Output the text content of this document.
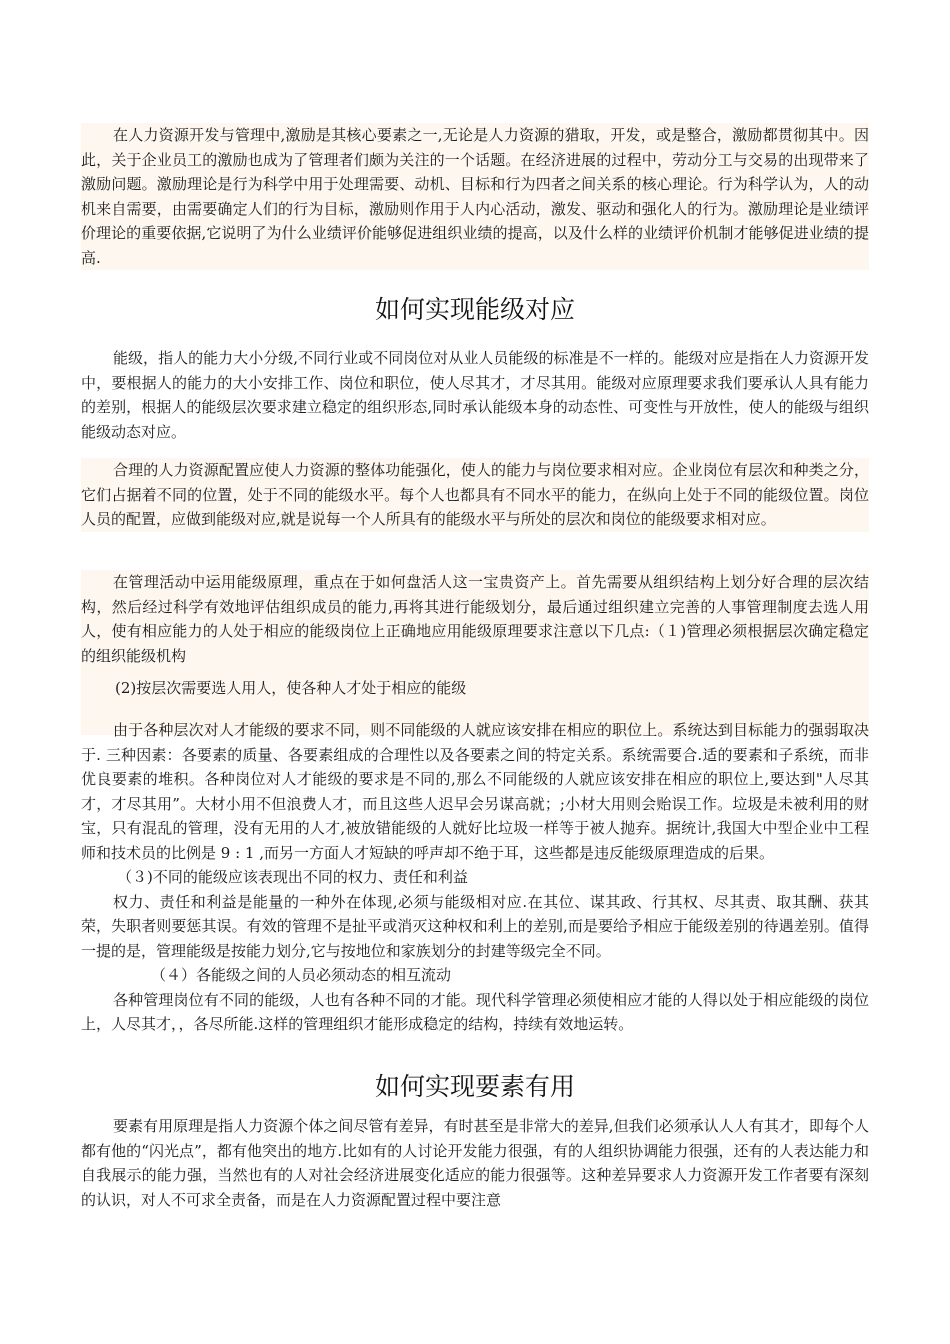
在人力资源开发与管理中,激励是其核心要素之一,无论是人力资源的猎取，开发，或是整合，激励都贯彻其中。因此，关于企业员工的激励也成为了管理者们颇为关注的一个话题。在经济进展的过程中，劳动分工与交易的出现带来了激励问题。激励理论是行为科学中用于处理需要、动机、目标和行为四者之间关系的核心理论。行为科学认为，人的动机来自需要，由需要确定人们的行为目标，激励则作用于人内心活动，激发、驱动和强化人的行为。激励理论是业绩评价理论的重要依据,它说明了为什么业绩评价能够促进组织业绩的提高，以及什么样的业绩评价机制才能够促进业绩的提高.

如何实现能级对应

能级，指人的能力大小分级,不同行业或不同岗位对从业人员能级的标准是不一样的。能级对应是指在人力资源开发中，要根据人的能力的大小安排工作、岗位和职位，使人尽其才，才尽其用。能级对应原理要求我们要承认人具有能力的差别，根据人的能级层次要求建立稳定的组织形态,同时承认能级本身的动态性、可变性与开放性，使人的能级与组织能级动态对应。

合理的人力资源配置应使人力资源的整体功能强化，使人的能力与岗位要求相对应。企业岗位有层次和种类之分，它们占据着不同的位置，处于不同的能级水平。每个人也都具有不同水平的能力，在纵向上处于不同的能级位置。岗位人员的配置，应做到能级对应,就是说每一个人所具有的能级水平与所处的层次和岗位的能级要求相对应。

在管理活动中运用能级原理，重点在于如何盘活人这一宝贵资产上。首先需要从组织结构上划分好合理的层次结构，然后经过科学有效地评估组织成员的能力,再将其进行能级划分，最后通过组织建立完善的人事管理制度去选人用人，使有相应能力的人处于相应的能级岗位上正确地应用能级原理要求注意以下几点:（１)管理必须根据层次确定稳定的组织能级机构

(2)按层次需要选人用人，使各种人才处于相应的能级

由于各种层次对人才能级的要求不同，则不同能级的人就应该安排在相应的职位上。系统达到目标能力的强弱取决于. 三种因素：各要素的质量、各要素组成的合理性以及各要素之间的特定关系。系统需要合.适的要素和子系统，而非优良要素的堆积。各种岗位对人才能级的要求是不同的,那么不同能级的人就应该安排在相应的职位上,要达到"人尽其才，才尽其用”。大材小用不但浪费人才，而且这些人迟早会另谋高就；;小材大用则会贻误工作。垃圾是未被利用的财宝，只有混乱的管理，没有无用的人才,被放错能级的人就好比垃圾一样等于被人抛弃。据统计,我国大中型企业中工程师和技术员的比例是 9 : 1 ,而另一方面人才短缺的呼声却不绝于耳，这些都是违反能级原理造成的后果。

（３)不同的能级应该表现出不同的权力、责任和利益

权力、责任和利益是能量的一种外在体现,必须与能级相对应.在其位、谋其政、行其权、尽其责、取其酬、获其荣，失职者则要惩其误。有效的管理不是扯平或消灭这种权和利上的差别,而是要给予相应于能级差别的待遇差别。值得一提的是，管理能级是按能力划分,它与按地位和家族划分的封建等级完全不同。

（４）各能级之间的人员必须动态的相互流动

各种管理岗位有不同的能级，人也有各种不同的才能。现代科学管理必须使相应才能的人得以处于相应能级的岗位上，人尽其才，，各尽所能.这样的管理组织才能形成稳定的结构，持续有效地运转。

如何实现要素有用

要素有用原理是指人力资源个体之间尽管有差异，有时甚至是非常大的差异,但我们必须承认人人有其才，即每个人都有他的“闪光点”，都有他突出的地方.比如有的人讨论开发能力很强，有的人组织协调能力很强，还有的人表达能力和自我展示的能力强，当然也有的人对社会经济进展变化适应的能力很强等。这种差异要求人力资源开发工作者要有深刻的认识，对人不可求全责备，而是在人力资源配置过程中要注意
